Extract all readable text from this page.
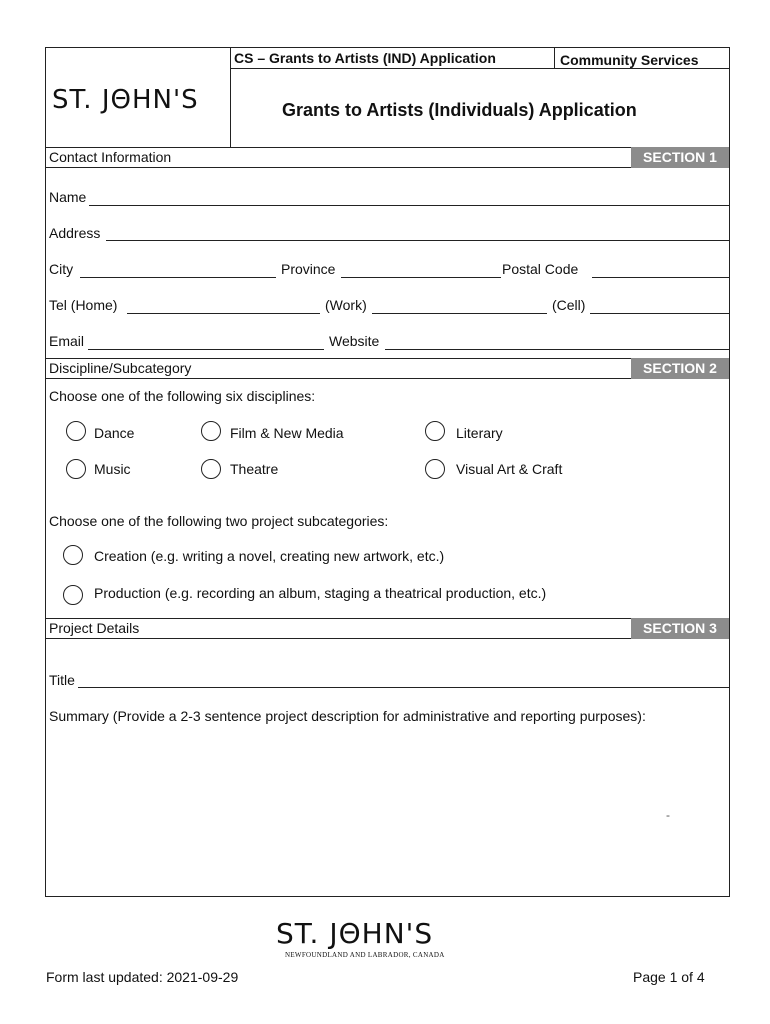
CS – Grants to Artists (IND) Application	Community Services
ST. JΘHN'S	Grants to Artists (Individuals) Application
Contact Information	SECTION 1
Name
Address
City	Province	Postal Code
Tel (Home)	(Work)	(Cell)
Email	Website
Discipline/Subcategory	SECTION 2
Choose one of the following six disciplines:
Dance	Film & New Media	Literary
Music	Theatre	Visual Art & Craft
Choose one of the following two project subcategories:
Creation (e.g. writing a novel, creating new artwork, etc.)
Production (e.g. recording an album, staging a theatrical production, etc.)
Project Details	SECTION 3
Title
Summary (Provide a 2-3 sentence project description for administrative and reporting purposes):
-
ST. JΘHN'S
NEWFOUNDLAND AND LABRADOR, CANADA
Form last updated: 2021-09-29	Page 1 of 4
